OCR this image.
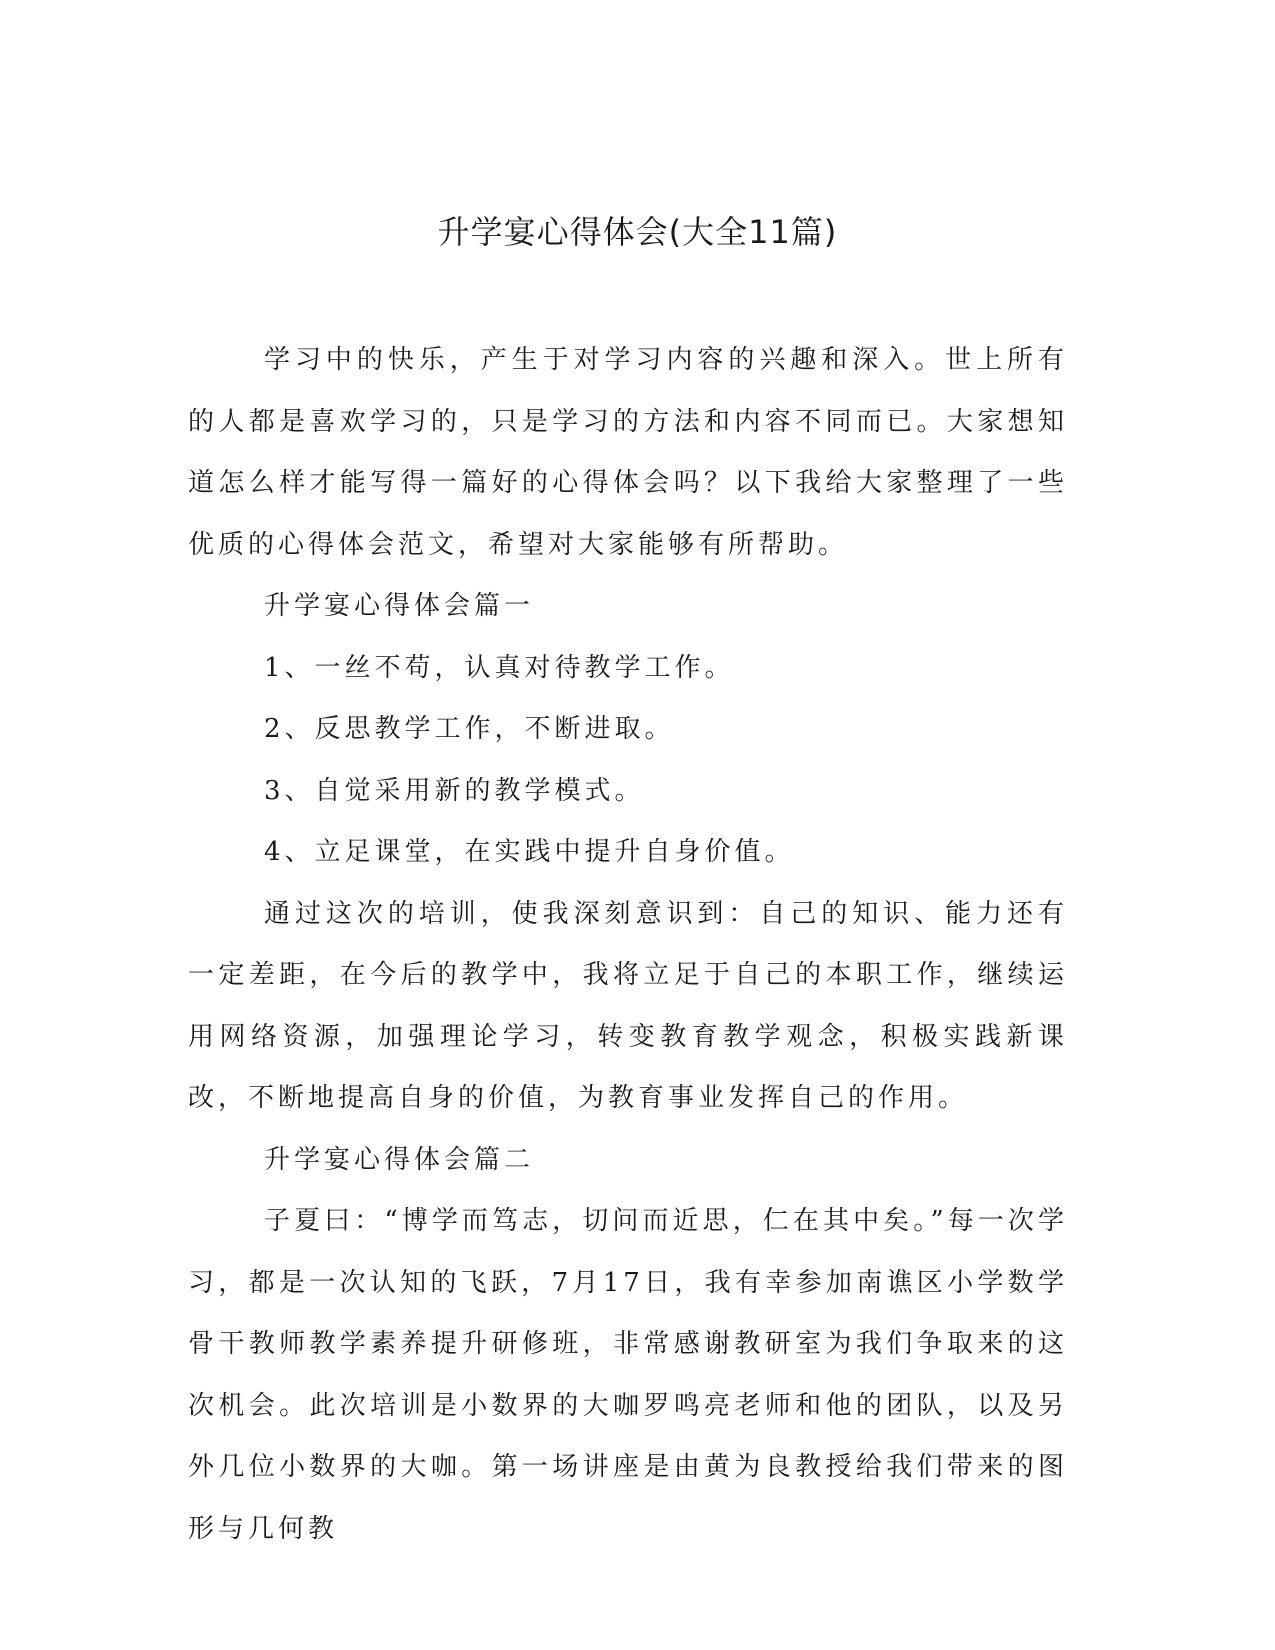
升学宴心得体会(大全11篇)

学习中的快乐，产生于对学习内容的兴趣和深入。世上所有的人都是喜欢学习的，只是学习的方法和内容不同而已。大家想知道怎么样才能写得一篇好的心得体会吗？以下我给大家整理了一些优质的心得体会范文，希望对大家能够有所帮助。

升学宴心得体会篇一

1、一丝不苟，认真对待教学工作。

2、反思教学工作，不断进取。

3、自觉采用新的教学模式。

4、立足课堂，在实践中提升自身价值。

通过这次的培训，使我深刻意识到：自己的知识、能力还有一定差距，在今后的教学中，我将立足于自己的本职工作，继续运用网络资源，加强理论学习，转变教育教学观念，积极实践新课改，不断地提高自身的价值，为教育事业发挥自己的作用。

升学宴心得体会篇二

子夏曰：“博学而笃志，切问而近思，仁在其中矣。”每一次学习，都是一次认知的飞跃，7月17日，我有幸参加南谯区小学数学骨干教师教学素养提升研修班，非常感谢教研室为我们争取来的这次机会。此次培训是小数界的大咖罗鸣亮老师和他的团队，以及另外几位小数界的大咖。第一场讲座是由黄为良教授给我们带来的图形与几何教
